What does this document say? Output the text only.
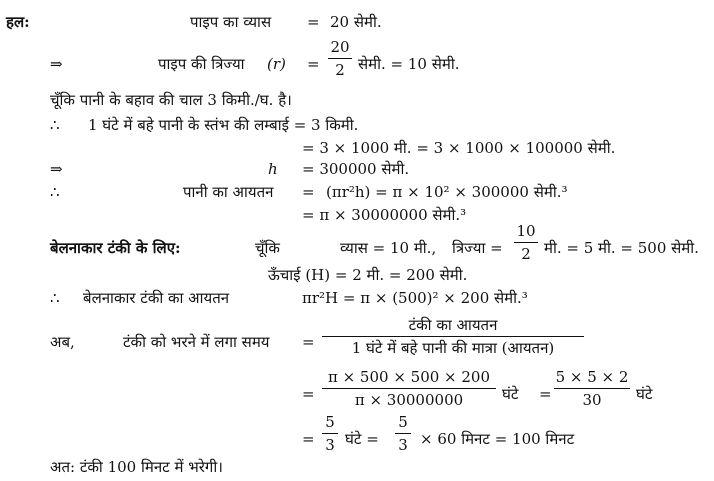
हल:	पाइप का व्यास = 20 सेमी.
⇒	पाइप की त्रिज्या (r) =
20
2 सेमी. = 10 सेमी.
चूँकि पानी के बहाव की चाल 3 किमी./घ. है।
∴ 1 घंटे में बहे पानी के स्तंभ की लम्बाई = 3 किमी.
= 3 × 1000 मी. = 3 × 1000 × 100000 सेमी.
⇒	h = 300000 सेमी.
∴	पानी का आयतन = (πr²h) = π × 10² × 300000 सेमी.³
= π × 30000000 सेमी.³
बेलनाकार टंकी के लिए:	चूँकि	व्यास = 10 मी., त्रिज्या =
10
2 मी. = 5 मी. = 500 सेमी.
ऊँचाई (H) = 2 मी. = 200 सेमी.
∴ बेलनाकार टंकी का आयतन	πr²H = π × (500)² × 200 सेमी.³
अब,	टंकी को भरने में लगा समय =
टंकी का आयतन
1 घंटे में बहे पानी की मात्रा (आयतन)
=
π × 500 × 500 × 200
π × 30000000	घंटे =
5 × 5 × 2
30	घंटे
=
5
3 घंटे =
5
3 × 60 मिनट = 100 मिनट
अत: टंकी 100 मिनट में भरेगी।
